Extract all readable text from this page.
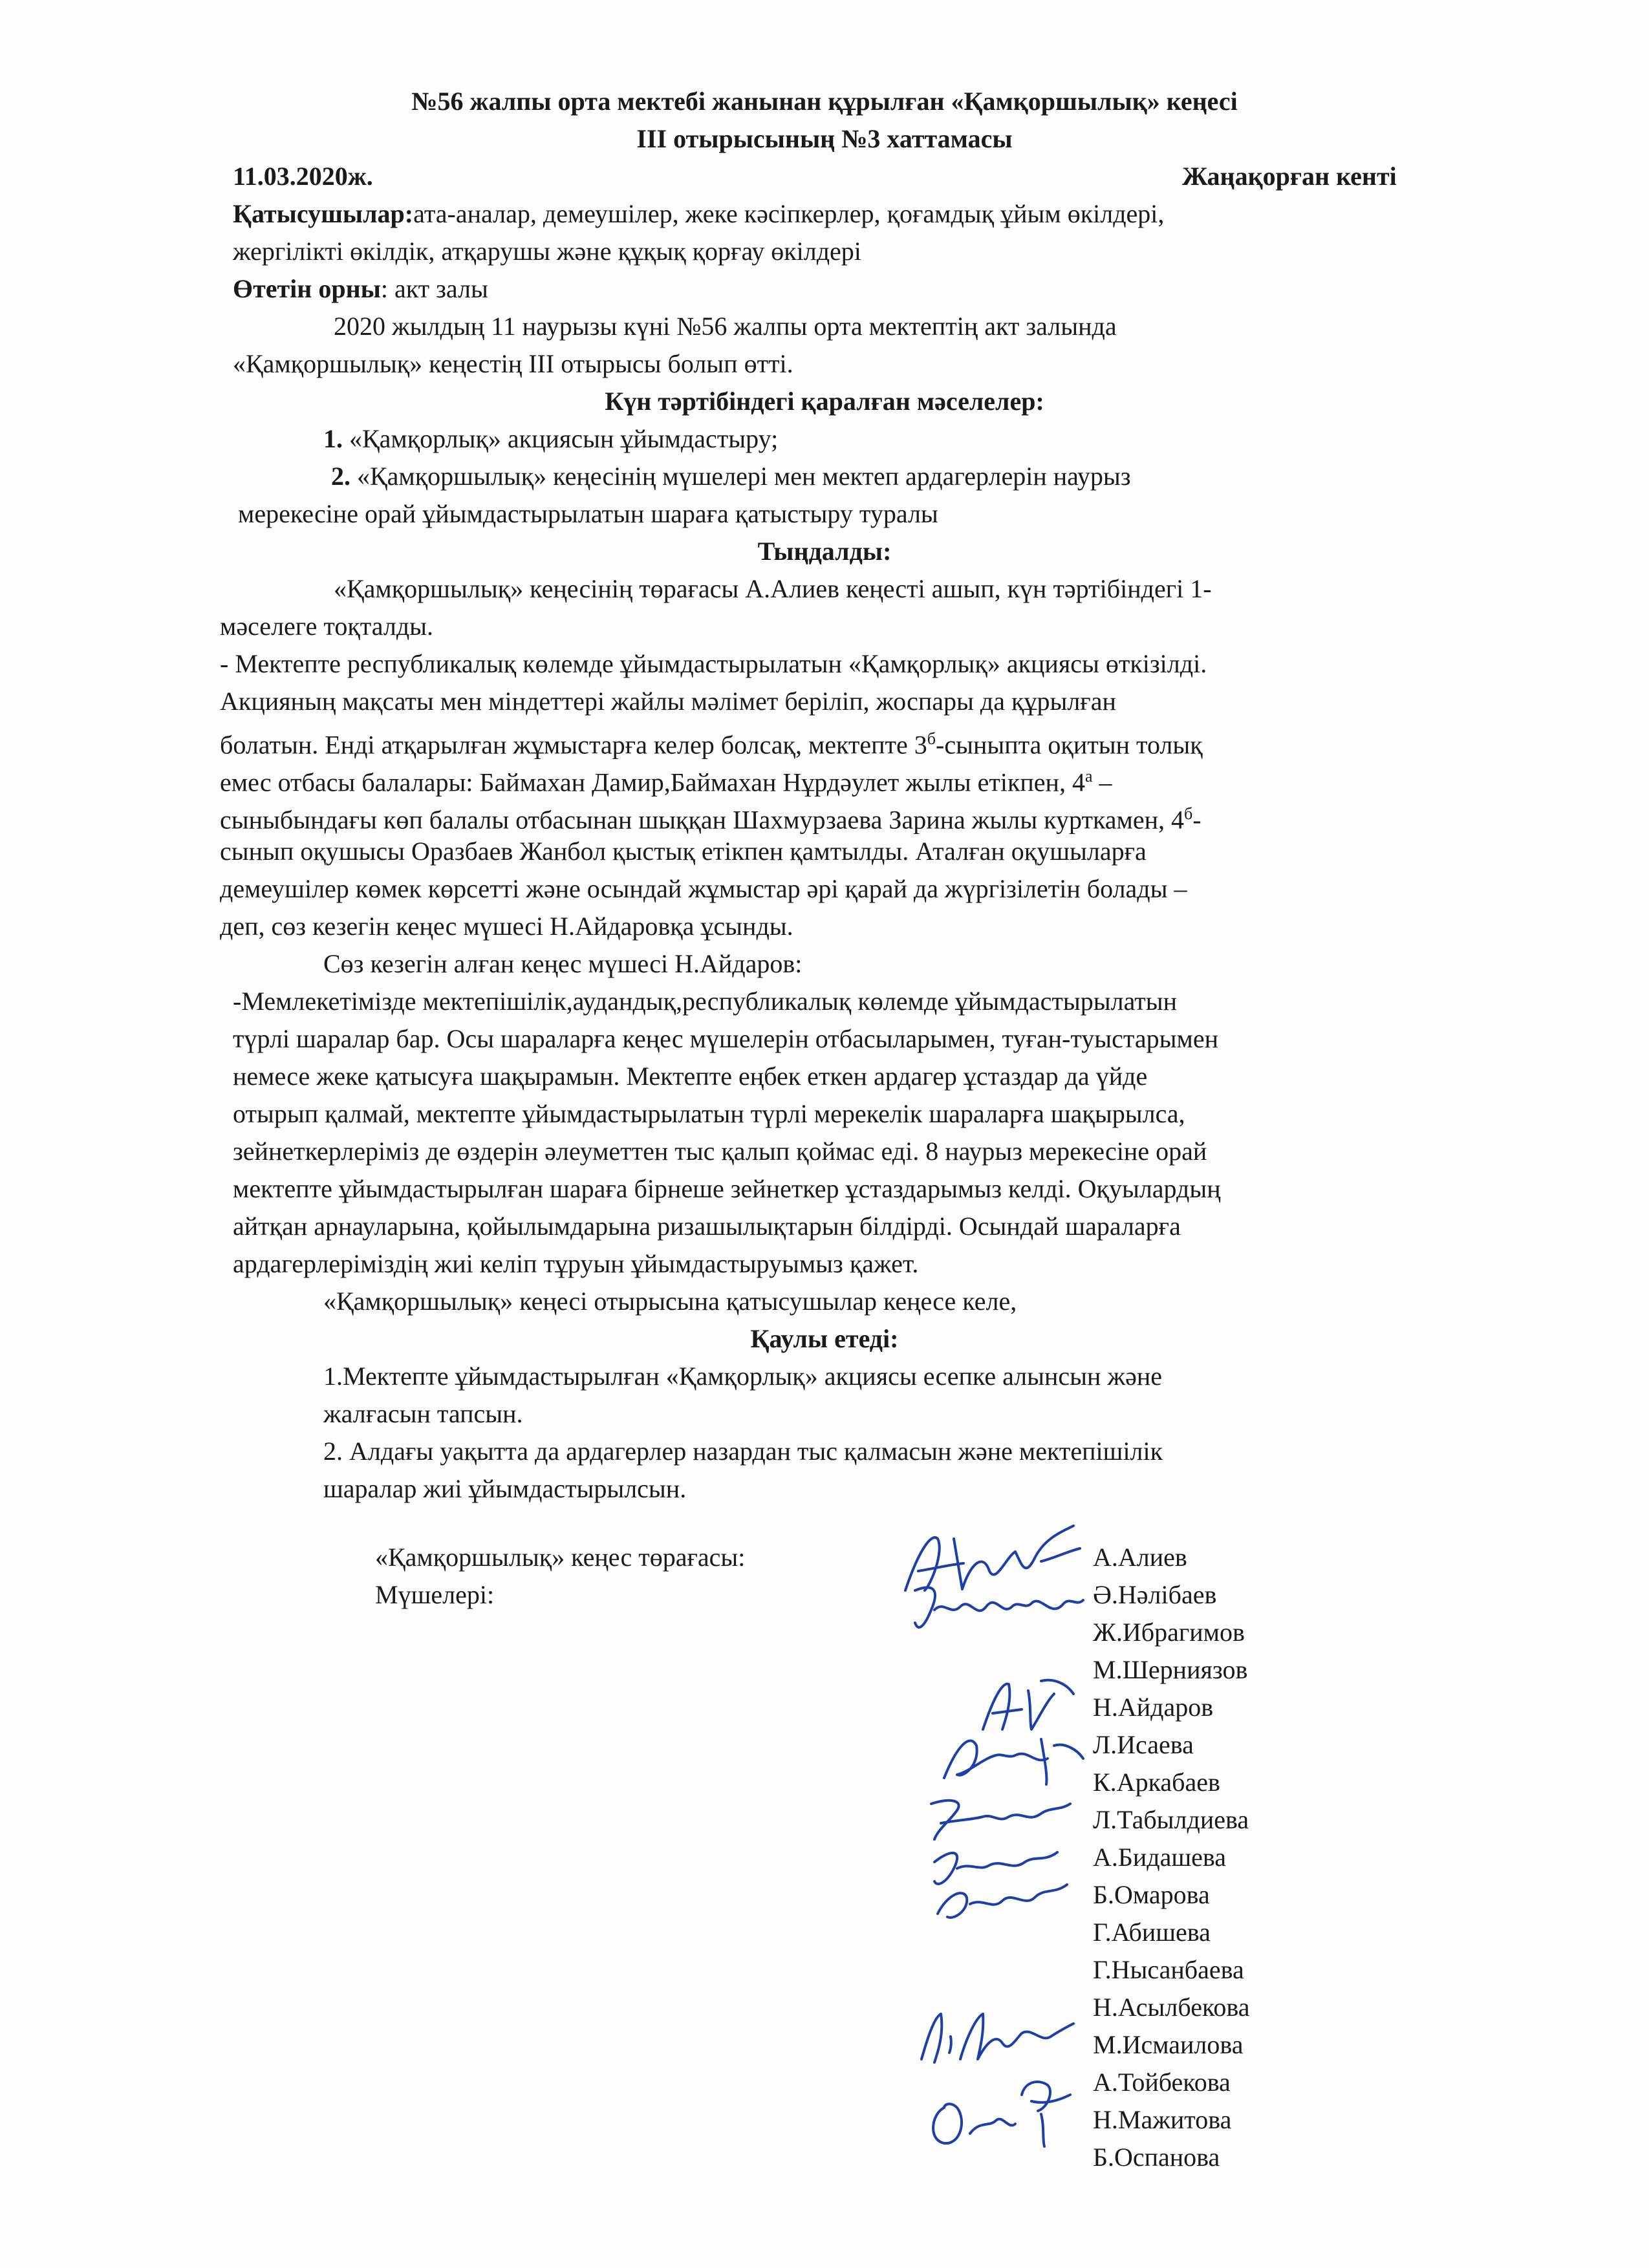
№56 жалпы орта мектебі жанынан құрылған «Қамқоршылық» кеңесі
III отырысының №3 хаттамасы
11.03.2020ж.	Жаңақорған кенті
Қатысушылар:ата-аналар, демеушілер, жеке кәсіпкерлер, қоғамдық ұйым өкілдері,
жергілікті өкілдік, атқарушы және құқық қорғау өкілдері
Өтетін орны: акт залы
2020 жылдың 11 наурызы күні №56 жалпы орта мектептің акт залында
«Қамқоршылық» кеңестің III отырысы болып өтті.
Күн тәртібіндегі қаралған мәселелер:
1. «Қамқорлық» акциясын ұйымдастыру;
2. «Қамқоршылық» кеңесінің мүшелері мен мектеп ардагерлерін наурыз
мерекесіне орай ұйымдастырылатын шараға қатыстыру туралы
Тыңдалды:
«Қамқоршылық» кеңесінің төрағасы А.Алиев кеңесті ашып, күн тәртібіндегі 1-
мәселеге тоқталды.
- Мектепте республикалық көлемде ұйымдастырылатын «Қамқорлық» акциясы өткізілді.
Акцияның мақсаты мен міндеттері жайлы мәлімет беріліп, жоспары да құрылған
болатын. Енді атқарылған жұмыстарға келер болсақ, мектепте $3^б$-сыныпта оқитын толық
емес отбасы балалары: Баймахан Дамир,Баймахан Нұрдәулет жылы етікпен, $4^а$ –
сыныбындағы көп балалы отбасынан шыққан Шахмурзаева Зарина жылы курткамен, $4^б-$
сынып оқушысы Оразбаев Жанбол қыстық етікпен қамтылды. Аталған оқушыларға
демеушілер көмек көрсетті және осындай жұмыстар әрі қарай да жүргізілетін болады –
деп, сөз кезегін кеңес мүшесі Н.Айдаровқа ұсынды.
Сөз кезегін алған кеңес мүшесі Н.Айдаров:
-Мемлекетімізде мектепішілік,аудандық,республикалық көлемде ұйымдастырылатын
түрлі шаралар бар. Осы шараларға кеңес мүшелерін отбасыларымен, туған-туыстарымен
немесе жеке қатысуға шақырамын. Мектепте еңбек еткен ардагер ұстаздар да үйде
отырып қалмай, мектепте ұйымдастырылатын түрлі мерекелік шараларға шақырылса,
зейнеткерлеріміз де өздерін әлеуметтен тыс қалып қоймас еді. 8 наурыз мерекесіне орай
мектепте ұйымдастырылған шараға бірнеше зейнеткер ұстаздарымыз келді. Оқуылардың
айтқан арнауларына, қойылымдарына ризашылықтарын білдірді. Осындай шараларға
ардагерлеріміздің жиі келіп тұруын ұйымдастыруымыз қажет.
«Қамқоршылық» кеңесі отырысына қатысушылар кеңесе келе,
Қаулы етеді:
1.Мектепте ұйымдастырылған «Қамқорлық» акциясы есепке алынсын және
жалғасын тапсын.
2. Алдағы уақытта да ардагерлер назардан тыс қалмасын және мектепішілік
шаралар жиі ұйымдастырылсын.
«Қамқоршылық» кеңес төрағасы:
Мүшелері:
А.Алиев
Ә.Нәлібаев
Ж.Ибрагимов
М.Шерниязов
Н.Айдаров
Л.Исаева
К.Аркабаев
Л.Табылдиева
А.Бидашева
Б.Омарова
Г.Абишева
Г.Нысанбаева
Н.Асылбекова
М.Исмаилова
А.Тойбекова
Н.Мажитова
Б.Оспанова
